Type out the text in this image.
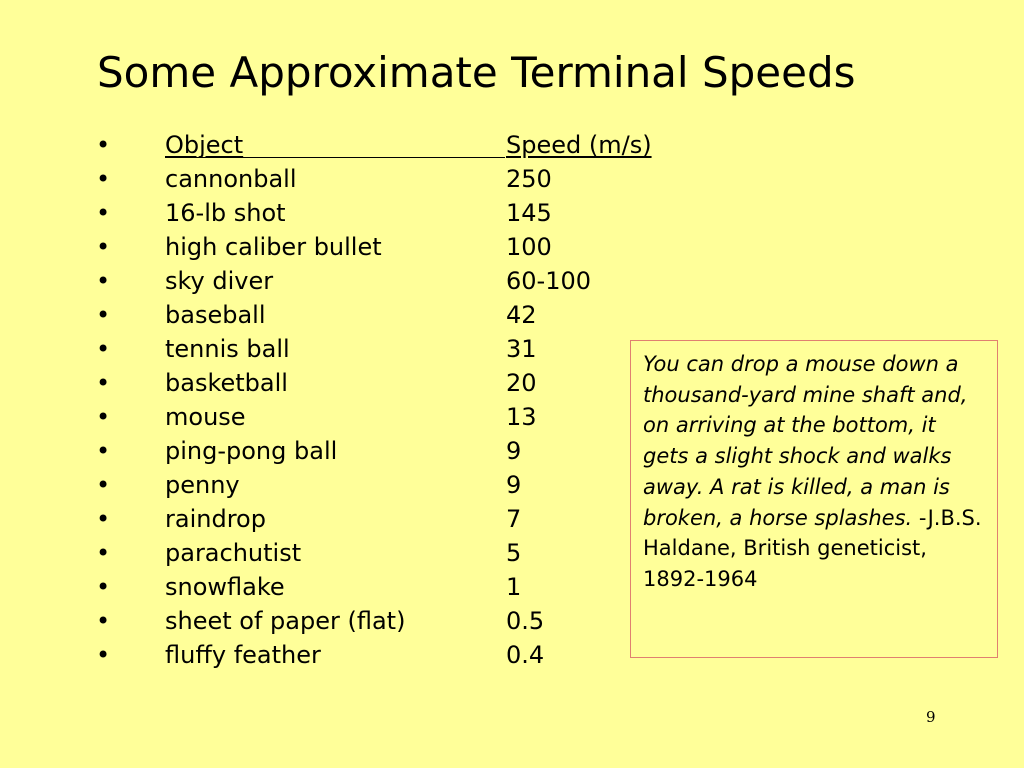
Some Approximate Terminal Speeds
• Object	Speed (m/s)
• cannonball	250
• 16-lb shot	145
• high caliber bullet	100
• sky diver	60-100
• baseball	42
• tennis ball	31
• basketball	20
• mouse	13
• ping-pong ball	9
• penny	9
• raindrop	7
• parachutist	5
• snowflake	1
• sheet of paper (flat)	0.5
• fluffy feather	0.4
You can drop a mouse down a thousand-yard mine shaft and, on arriving at the bottom, it gets a slight shock and walks away. A rat is killed, a man is broken, a horse splashes. -J.B.S. Haldane, British geneticist, 1892-1964
9
